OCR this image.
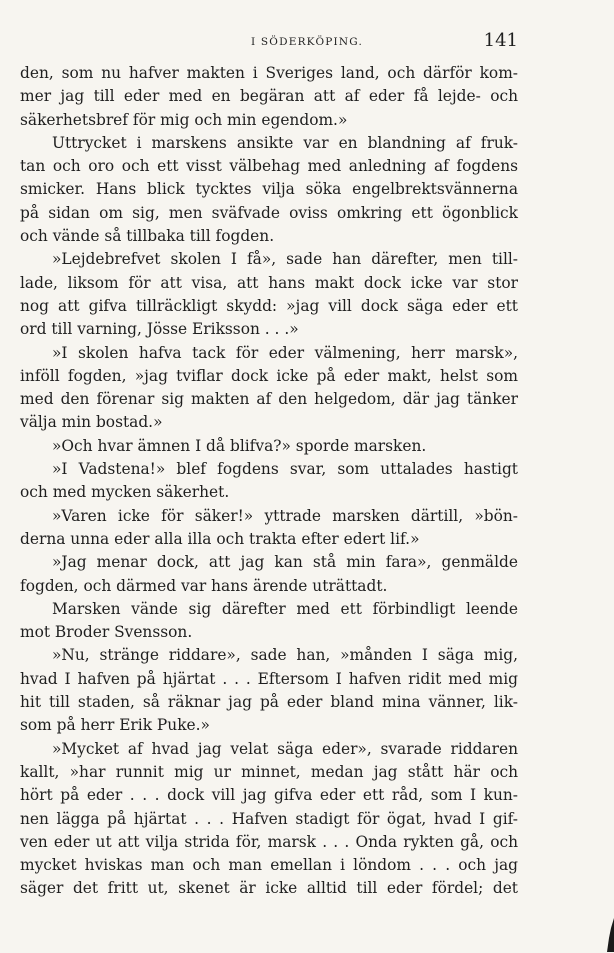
I SÖDERKÖPING.	141
den, som nu hafver makten i Sveriges land, och därför kom-
mer jag till eder med en begäran att af eder få lejde- och
säkerhetsbref för mig och min egendom.»
Uttrycket i marskens ansikte var en blandning af fruk-
tan och oro och ett visst välbehag med anledning af fogdens
smicker. Hans blick tycktes vilja söka engelbrektsvännerna
på sidan om sig, men sväfvade oviss omkring ett ögonblick
och vände så tillbaka till fogden.
»Lejdebrefvet skolen I få», sade han därefter, men till-
lade, liksom för att visa, att hans makt dock icke var stor
nog att gifva tillräckligt skydd: »jag vill dock säga eder ett
ord till varning, Jösse Eriksson . . .»
»I skolen hafva tack för eder välmening, herr marsk»,
inföll fogden, »jag tviflar dock icke på eder makt, helst som
med den förenar sig makten af den helgedom, där jag tänker
välja min bostad.»
»Och hvar ämnen I då blifva?» sporde marsken.
»I Vadstena!» blef fogdens svar, som uttalades hastigt
och med mycken säkerhet.
»Varen icke för säker!» yttrade marsken därtill, »bön-
derna unna eder alla illa och trakta efter edert lif.»
»Jag menar dock, att jag kan stå min fara», genmälde
fogden, och därmed var hans ärende uträttadt.
Marsken vände sig därefter med ett förbindligt leende
mot Broder Svensson.
»Nu, stränge riddare», sade han, »månden I säga mig,
hvad I hafven på hjärtat . . . Eftersom I hafven ridit med mig
hit till staden, så räknar jag på eder bland mina vänner, lik-
som på herr Erik Puke.»
»Mycket af hvad jag velat säga eder», svarade riddaren
kallt, »har runnit mig ur minnet, medan jag stått här och
hört på eder . . . dock vill jag gifva eder ett råd, som I kun-
nen lägga på hjärtat . . . Hafven stadigt för ögat, hvad I gif-
ven eder ut att vilja strida för, marsk . . . Onda rykten gå, och
mycket hviskas man och man emellan i löndom . . . och jag
säger det fritt ut, skenet är icke alltid till eder fördel; det
